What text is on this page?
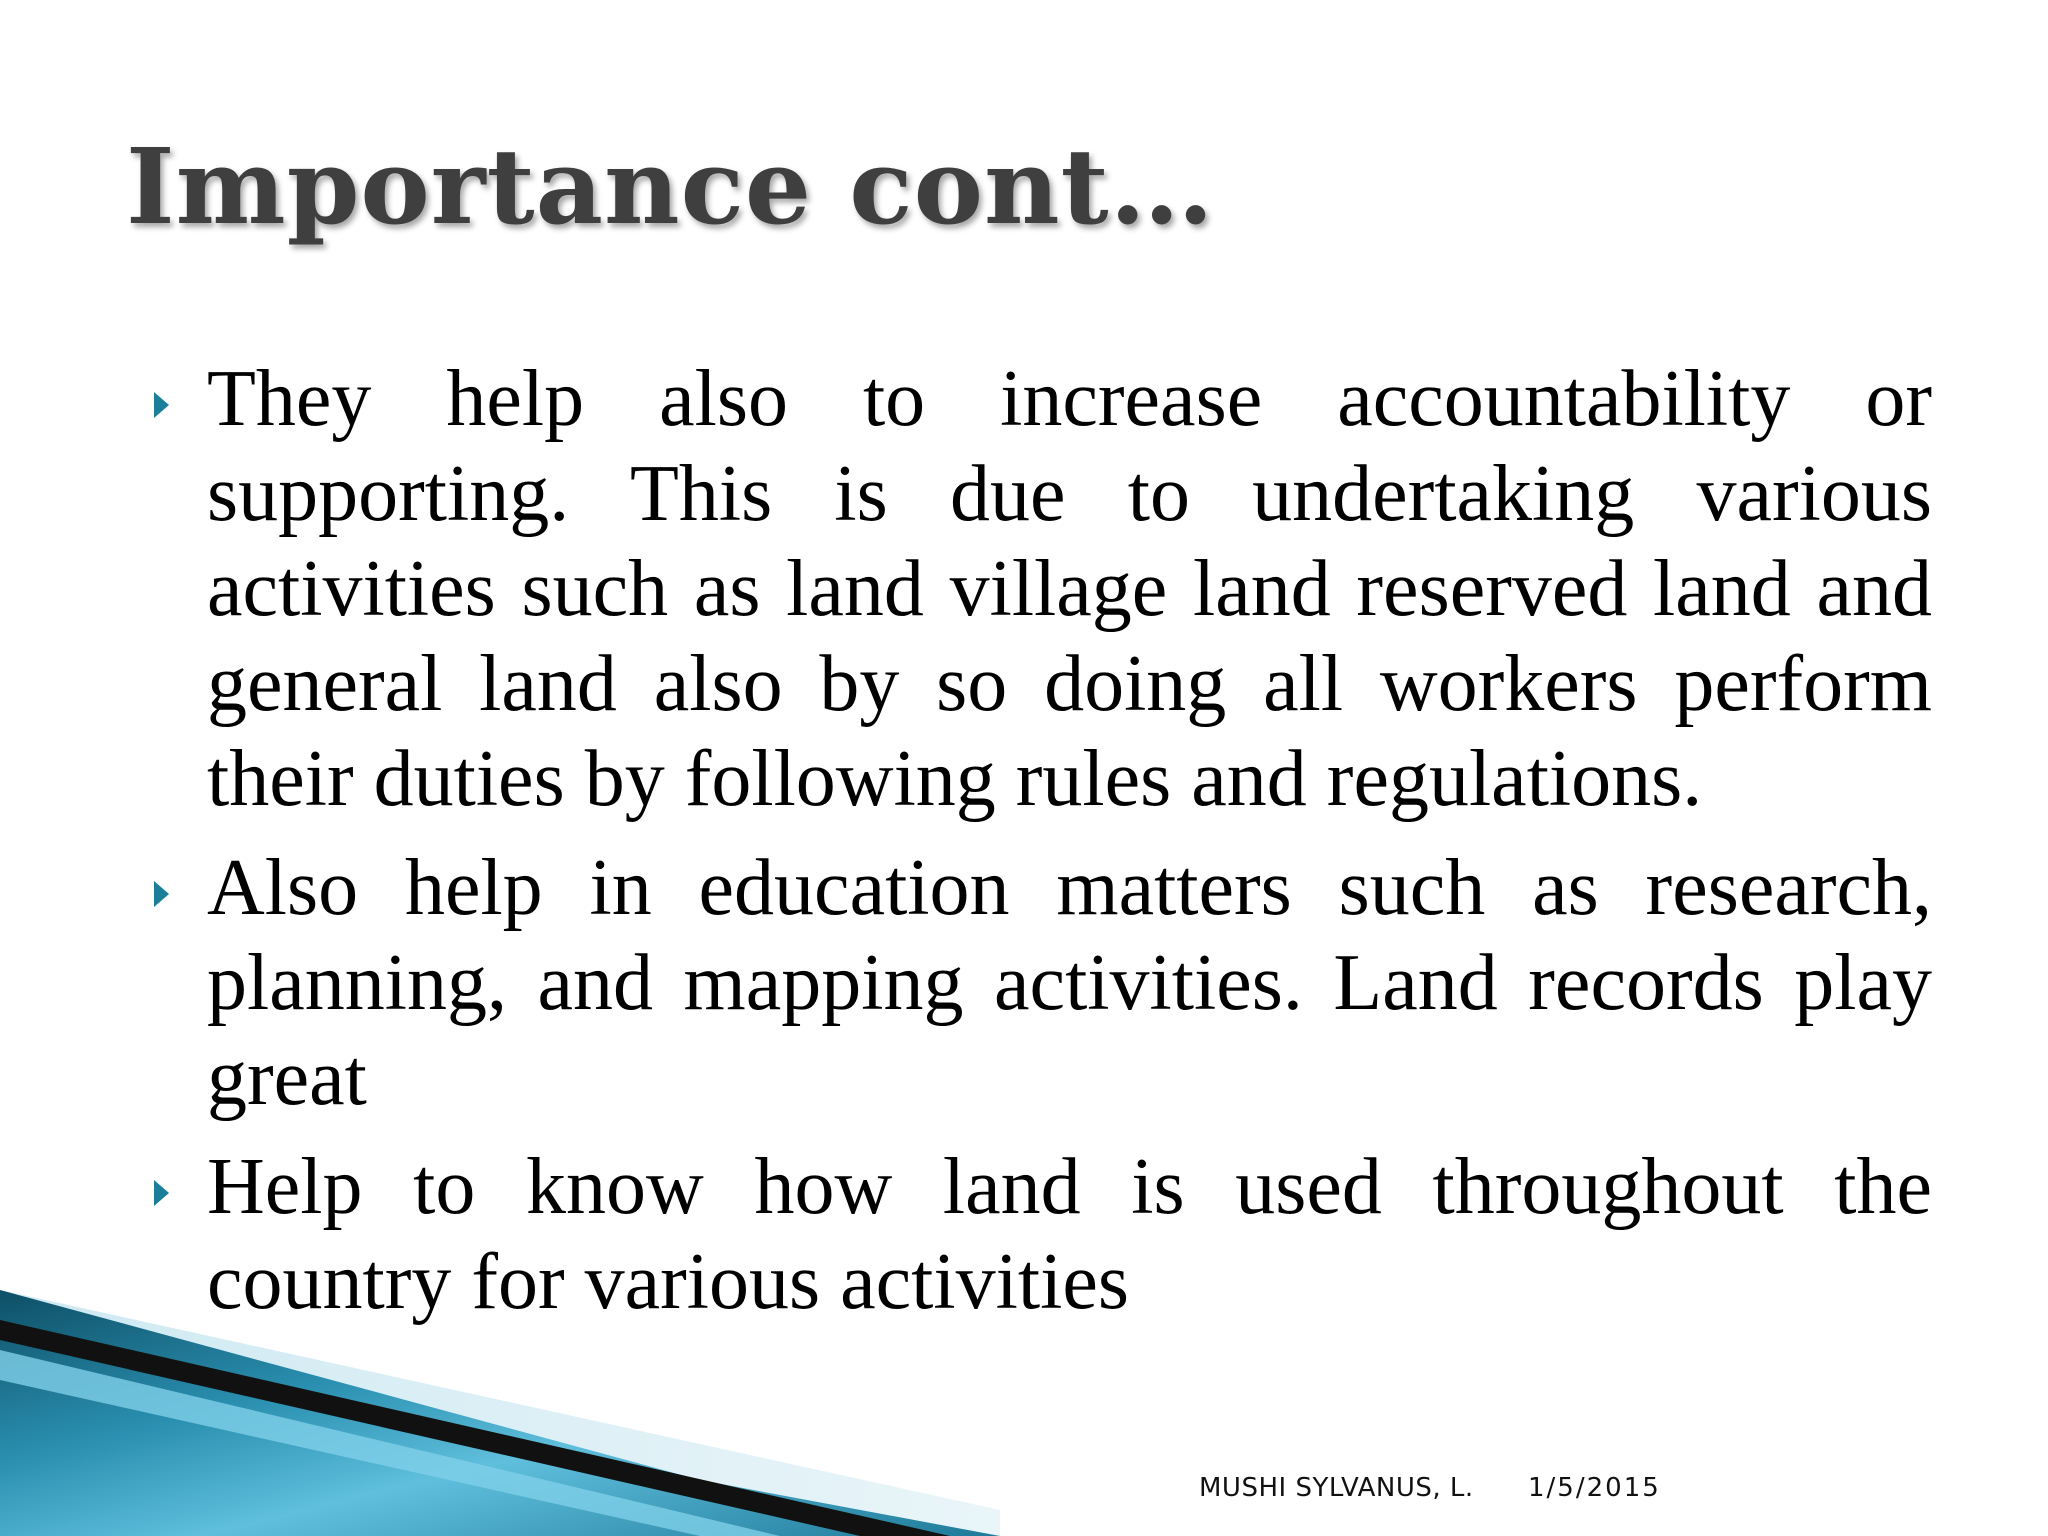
Importance cont…
They help also to increase accountability or supporting. This is due to undertaking various activities such as land village land reserved land and general land also by so doing all workers perform their duties by following rules and regulations.
Also help in education matters such as research, planning, and mapping activities. Land records play great
Help to know how land is used throughout the country for various activities
MUSHI SYLVANUS, L. 1/5/2015
